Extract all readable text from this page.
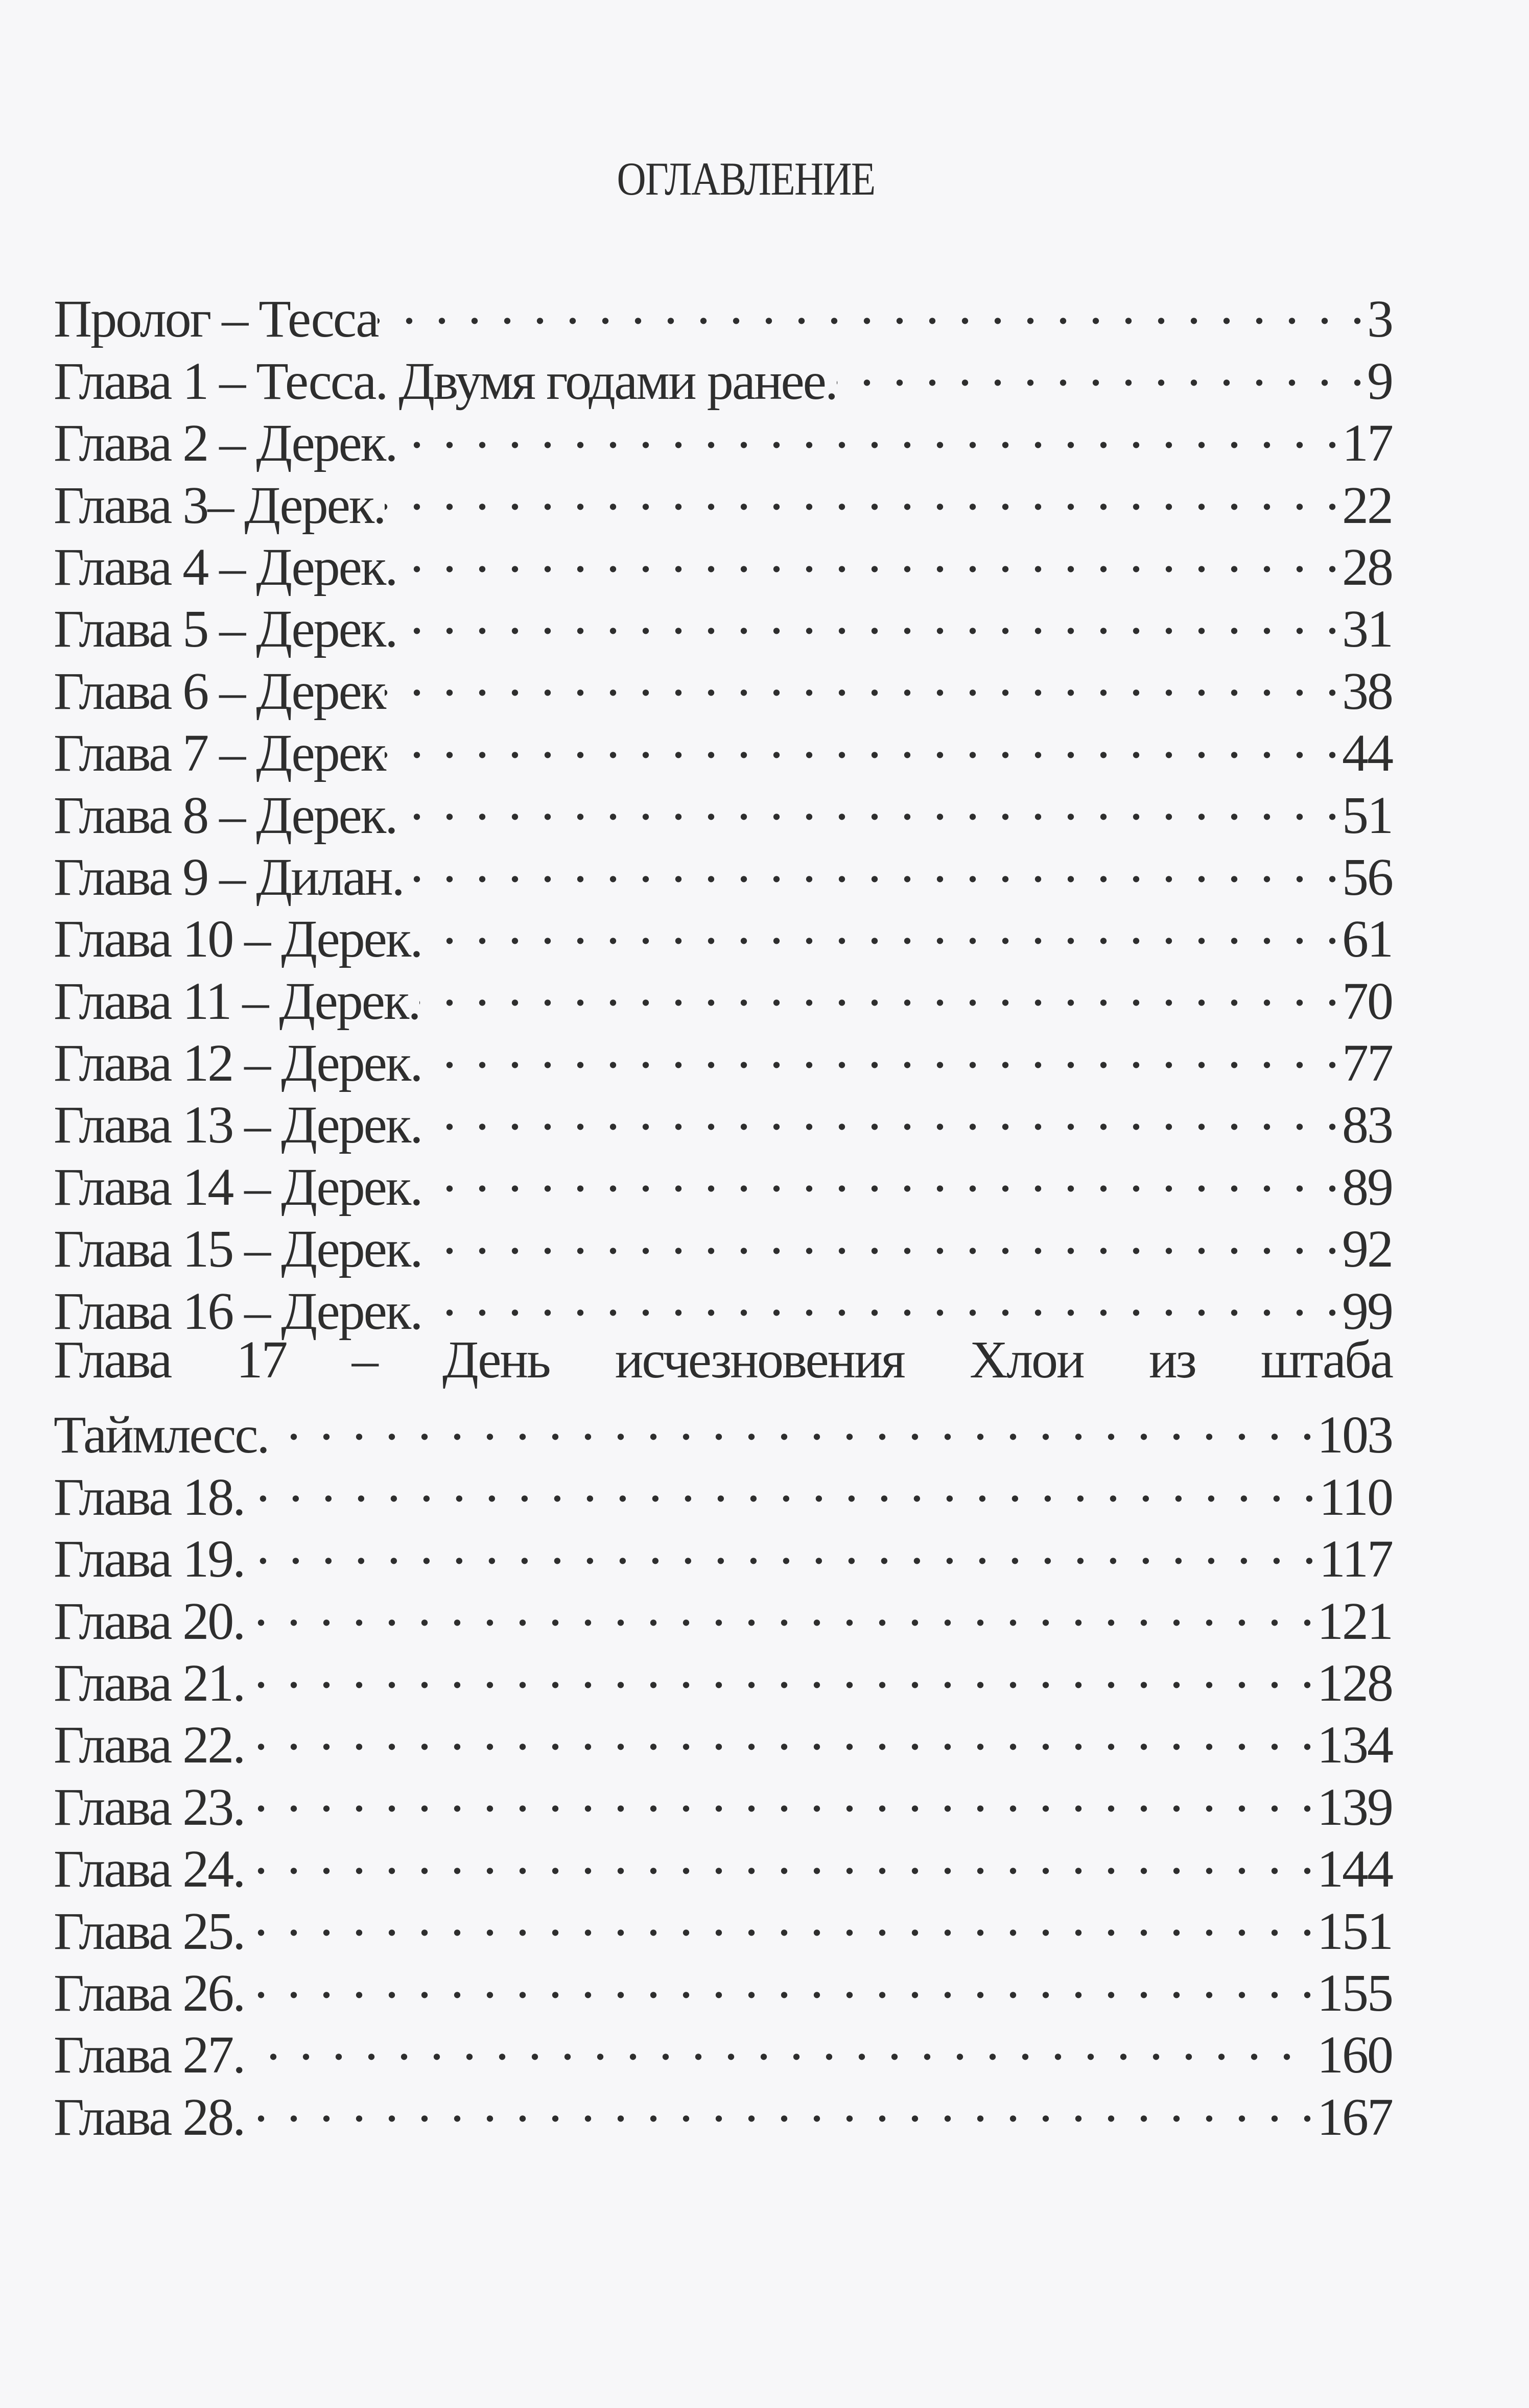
ОГЛАВЛЕНИЕ
Пролог – Тесса . . .	3
Глава 1 – Тесса. Двумя годами ранее. . . .	9
Глава 2 – Дерек. . . .	17
Глава 3– Дерек. . . .	22
Глава 4 – Дерек. . . .	28
Глава 5 – Дерек. . . .	31
Глава 6 – Дерек . . .	38
Глава 7 – Дерек . . .	44
Глава 8 – Дерек. . . .	51
Глава 9 – Дилан. . . .	56
Глава 10 – Дерек. . . .	61
Глава 11 – Дерек. . . .	70
Глава 12 – Дерек. . . .	77
Глава 13 – Дерек. . . .	83
Глава 14 – Дерек. . . .	89
Глава 15 – Дерек. . . .	92
Глава 16 – Дерек. . . .	99
Глава 17 – День исчезновения Хлои из штаба
Таймлесс. . . .	103
Глава 18. . . .	110
Глава 19. . . .	117
Глава 20. . . .	121
Глава 21. . . .	128
Глава 22. . . .	134
Глава 23. . . .	139
Глава 24. . . .	144
Глава 25. . . .	151
Глава 26. . . .	155
Глава 27. . . .	160
Глава 28. . . .	167
